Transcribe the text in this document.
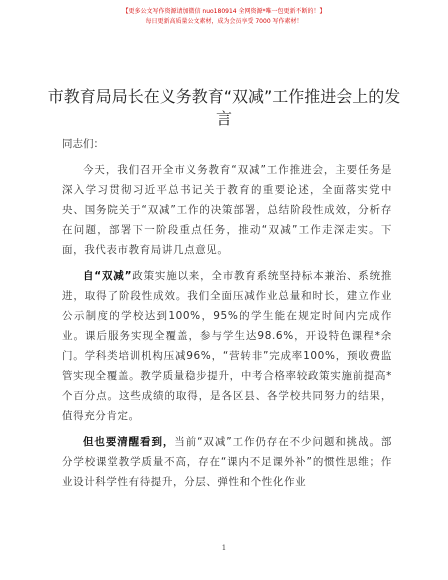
【更多公文写作资源请加微信 nuo180914 全网资源*唯一包更新不断的！】
每日更新高质量公文素材，成为会员享受 7000 写作素材！
市教育局局长在义务教育“双减”工作推进会上的发言

同志们：

今天，我们召开全市义务教育“双减”工作推进会，主要任务是深入学习贯彻习近平总书记关于教育的重要论述，全面落实党中央、国务院关于“双减”工作的决策部署，总结阶段性成效，分析存在问题，部署下一阶段重点任务，推动“双减”工作走深走实。下面，我代表市教育局讲几点意见。

自“双减”政策实施以来，全市教育系统坚持标本兼治、系统推进，取得了阶段性成效。我们全面压减作业总量和时长，建立作业公示制度的学校达到100%，95%的学生能在规定时间内完成作业。课后服务实现全覆盖，参与学生达98.6%，开设特色课程*余门。学科类培训机构压减96%，“营转非”完成率100%，预收费监管实现全覆盖。教学质量稳步提升，中考合格率较政策实施前提高*个百分点。这些成绩的取得，是各区县、各学校共同努力的结果，值得充分肯定。

但也要清醒看到，当前“双减”工作仍存在不少问题和挑战。部分学校课堂教学质量不高，存在“课内不足课外补”的惯性思维；作业设计科学性有待提升，分层、弹性和个性化作业

1
